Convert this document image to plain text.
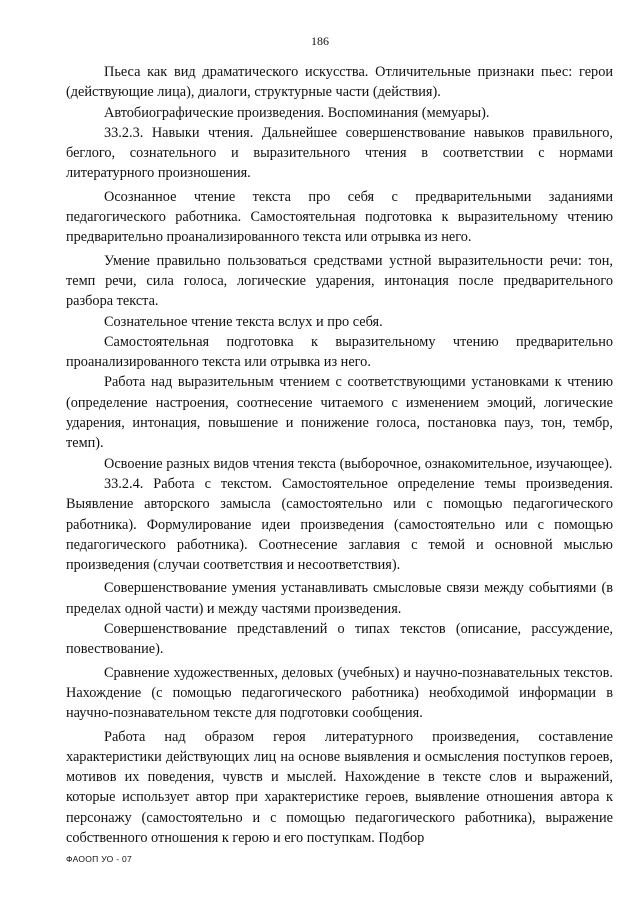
186

Пьеса как вид драматического искусства. Отличительные признаки пьес: герои (действующие лица), диалоги, структурные части (действия).

Автобиографические произведения. Воспоминания (мемуары).

33.2.3. Навыки чтения. Дальнейшее совершенствование навыков правильного, беглого, сознательного и выразительного чтения в соответствии с нормами литературного произношения.

Осознанное чтение текста про себя с предварительными заданиями педагогического работника. Самостоятельная подготовка к выразительному чтению предварительно проанализированного текста или отрывка из него.

Умение правильно пользоваться средствами устной выразительности речи: тон, темп речи, сила голоса, логические ударения, интонация после предварительного разбора текста.

Сознательное чтение текста вслух и про себя.

Самостоятельная подготовка к выразительному чтению предварительно проанализированного текста или отрывка из него.

Работа над выразительным чтением с соответствующими установками к чтению (определение настроения, соотнесение читаемого с изменением эмоций, логические ударения, интонация, повышение и понижение голоса, постановка пауз, тон, тембр, темп).

Освоение разных видов чтения текста (выборочное, ознакомительное, изучающее).

33.2.4. Работа с текстом. Самостоятельное определение темы произведения. Выявление авторского замысла (самостоятельно или с помощью педагогического работника). Формулирование идеи произведения (самостоятельно или с помощью педагогического работника). Соотнесение заглавия с темой и основной мыслью произведения (случаи соответствия и несоответствия).

Совершенствование умения устанавливать смысловые связи между событиями (в пределах одной части) и между частями произведения.

Совершенствование представлений о типах текстов (описание, рассуждение, повествование).

Сравнение художественных, деловых (учебных) и научно-познавательных текстов. Нахождение (с помощью педагогического работника) необходимой информации в научно-познавательном тексте для подготовки сообщения.

Работа над образом героя литературного произведения, составление характеристики действующих лиц на основе выявления и осмысления поступков героев, мотивов их поведения, чувств и мыслей. Нахождение в тексте слов и выражений, которые использует автор при характеристике героев, выявление отношения автора к персонажу (самостоятельно и с помощью педагогического работника), выражение собственного отношения к герою и его поступкам. Подбор

ФАООП УО - 07
